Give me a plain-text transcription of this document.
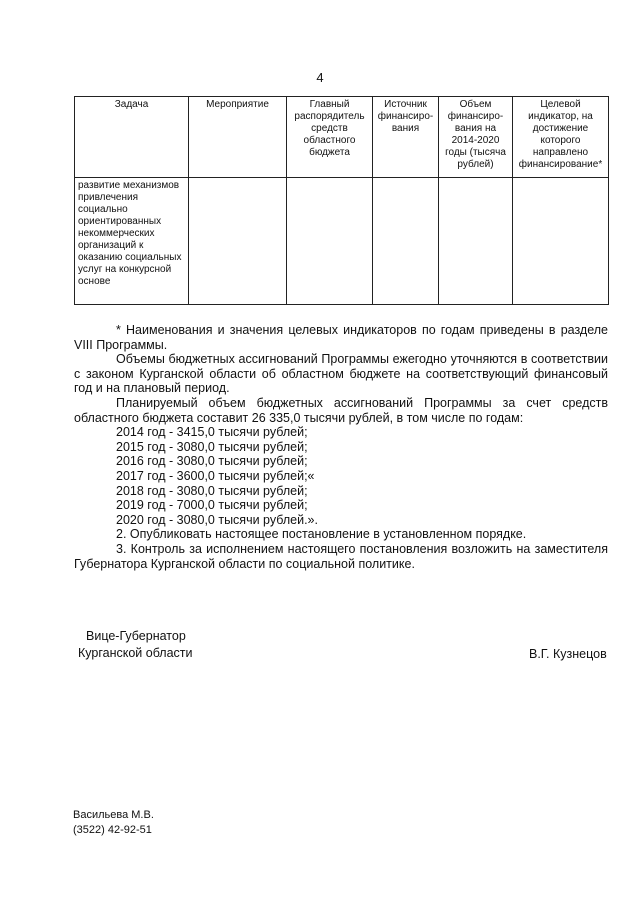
4
Задача	Мероприятие	Главный распорядитель средств областного бюджета	Источник финансиро-вания	Объем финансиро-вания на 2014-2020 годы (тысяча рублей)	Целевой индикатор, на достижение которого направлено финансирование*
развитие механизмов привлечения социально ориентированных некоммерческих организаций к оказанию социальных услуг на конкурсной основе					

* Наименования и значения целевых индикаторов по годам приведены в разделе VIII Программы.

Объемы бюджетных ассигнований Программы ежегодно уточняются в соответствии с законом Курганской области об областном бюджете на соответствующий финансовый год и на плановый период.

Планируемый объем бюджетных ассигнований Программы за счет средств областного бюджета составит 26 335,0 тысячи рублей, в том числе по годам:

2014 год - 3415,0 тысячи рублей;

2015 год - 3080,0 тысячи рублей;

2016 год - 3080,0 тысячи рублей;

2017 год - 3600,0 тысячи рублей;«

2018 год - 3080,0 тысячи рублей;

2019 год - 7000,0 тысячи рублей;

2020 год - 3080,0 тысячи рублей.».

2. Опубликовать настоящее постановление в установленном порядке.

3. Контроль за исполнением настоящего постановления возложить на заместителя Губернатора Курганской области по социальной политике.

Вице-Губернатор
Курганской области	В.Г. Кузнецов
Васильева М.В.
(3522) 42-92-51
